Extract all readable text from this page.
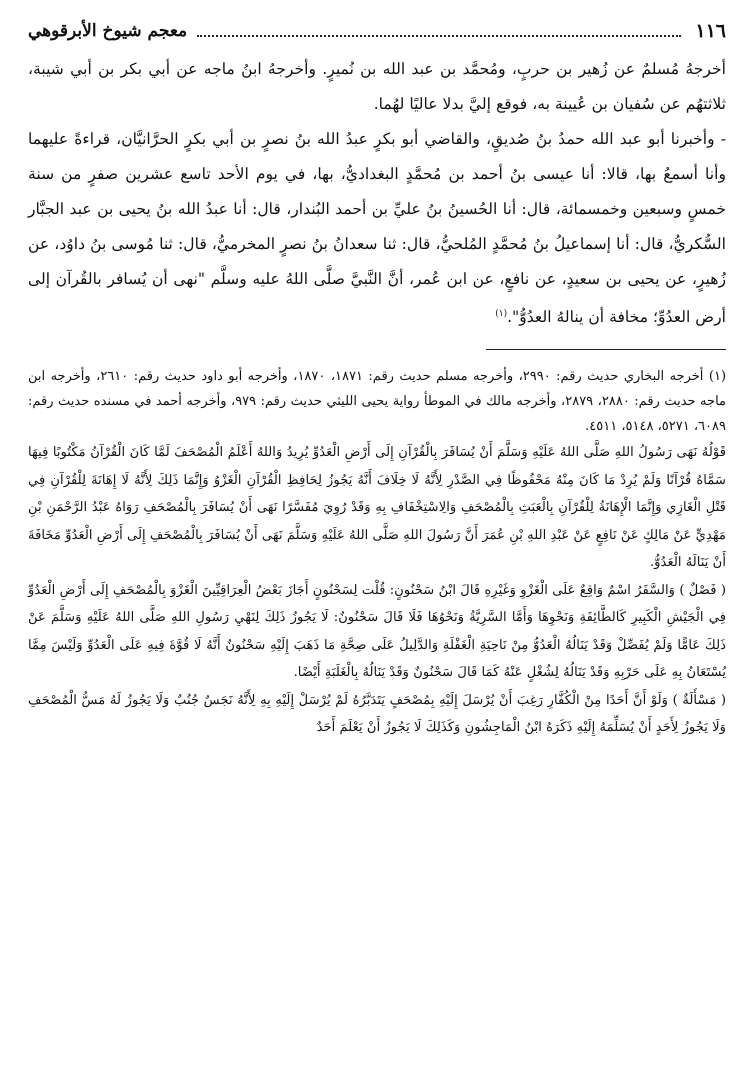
١١٦
معجم شيوخ الأبرقوهي

أخرجهُ مُسلمٌ عن زُهير بن حربٍ، ومُحمَّد بن عبد الله بن نُميرٍ. وأخرجهُ ابنُ ماجه عن أبي بكر بن أبي شيبة، ثلاثتهُم عن سُفيان بن عُيينة به، فوقع إليَّ بدلا عاليًا لهُما.

- وأخبرنا أبو عبد الله حمدُ بنُ صُديقٍ، والقاضي أبو بكرٍ عبدُ الله بنُ نصرٍ بن أبي بكرٍ الحرَّانيَّان، قراءةً عليهما وأنا أسمعُ بها، قالا: أنا عيسى بنُ أحمد بن مُحمَّدٍ البغداديُّ، بها، في يوم الأحد تاسع عشرين صفرٍ من سنة خمسٍ وسبعين وخمسمائة، قال: أنا الحُسينُ بنُ عليِّ بن أحمد البُندار، قال: أنا عبدُ الله بنُ يحيى بن عبد الجبَّار السُّكريُّ، قال: أنا إسماعيلُ بنُ مُحمَّدٍ المُلحيُّ، قال: ثنا سعدانُ بنُ نصرٍ المخرميُّ، قال: ثنا مُوسى بنُ داوُد، عن زُهيرٍ، عن يحيى بن سعيدٍ، عن نافعٍ، عن ابن عُمر، أنَّ النَّبيَّ صلَّى اللهُ عليه وسلَّم "نهى أن يُسافر بالقُرآن إلى أرض العدُوِّ؛ مخافة أن ينالهُ العدُوُّ".$^{(١)}$

(١) أخرجه البخاري حديث رقم: ٢٩٩٠، وأخرجه مسلم حديث رقم: ١٨٧١، ١٨٧٠، وأخرجه أبو داود حديث رقم: ٢٦١٠، وأخرجه ابن ماجه حديث رقم: ٢٨٨٠، ٢٨٧٩، وأخرجه مالك في الموطأ رواية يحيى الليثي حديث رقم: ٩٧٩، وأخرجه أحمد في مسنده حديث رقم: ٦٠٨٩، ٥٢٧١، ٥١٤٨، ٤٥١١.

قَوْلُهُ نَهَى رَسُولُ اللهِ صَلَّى اللهُ عَلَيْهِ وَسَلَّمَ أَنْ يُسَافَرَ بِالْقُرْآنِ إِلَى أَرْضِ الْعَدُوِّ يُرِيدُ وَاللهُ أَعْلَمُ الْمُصْحَفَ لَمَّا كَانَ الْقُرْآنُ مَكْتُوبًا فِيهَا سَمَّاهُ قُرْآنًا وَلَمْ يُرِدْ مَا كَانَ مِنْهُ مَحْفُوظًا فِي الصَّدْرِ لِأَنَّهُ لَا خِلَافَ أَنَّهُ يَجُوزُ لِحَافِظِ الْقُرْآنِ الْغَزْوُ وَإِنَّمَا ذَلِكَ لِأَنَّهُ لَا إِهَانَةَ لِلْقُرْآنِ فِي قَتْلِ الْغَازِي وَإِنَّمَا الْإِهَانَةُ لِلْقُرْآنِ بِالْعَبَثِ بِالْمُصْحَفِ وَالِاسْتِخْفَافِ بِهِ وَقَدْ رُوِيَ مُفَسَّرًا نَهَى أَنْ يُسَافَرَ بِالْمُصْحَفِ رَوَاهُ عَبْدُ الرَّحْمَنِ بْنِ مَهْدِيٍّ عَنْ مَالِكٍ عَنْ نَافِعٍ عَنْ عَبْدِ اللهِ بْنِ عُمَرَ أَنَّ رَسُولَ اللهِ صَلَّى اللهُ عَلَيْهِ وَسَلَّمَ نَهَى أَنْ يُسَافَرَ بِالْمُصْحَفِ إِلَى أَرْضِ الْعَدُوِّ مَخَافَةَ أَنْ يَنَالَهُ الْعَدُوُّ.

( فَصْلٌ ) وَالسَّفَرُ اسْمٌ وَاقِعٌ عَلَى الْغَزْوِ وَغَيْرِهِ قَالَ ابْنُ سَحْنُونٍ: قُلْت لِسَحْنُونٍ أَجَازَ بَعْضُ الْعِرَاقِيِّينَ الْغَزْوَ بِالْمُصْحَفِ إِلَى أَرْضِ الْعَدُوِّ فِي الْجَيْشِ الْكَبِيرِ كَالطَّائِفَةِ وَنَحْوِهَا وَأَمَّا السَّرِيَّةُ وَنَحْوُهَا فَلَا قَالَ سَحْنُونٌ: لَا يَجُوزُ ذَلِكَ لِنَهْيِ رَسُولِ اللهِ صَلَّى اللهُ عَلَيْهِ وَسَلَّمَ عَنْ ذَلِكَ عَامًّا وَلَمْ يُفَصِّلْ وَقَدْ يَنَالُهُ الْعَدُوُّ مِنْ نَاحِيَةِ الْغَفْلَةِ وَالدَّلِيلُ عَلَى صِحَّةِ مَا ذَهَبَ إِلَيْهِ سَحْنُونٌ أَنَّهُ لَا قُوَّةَ فِيهِ عَلَى الْعَدُوِّ وَلَيْسَ مِمَّا يُسْتَعَانُ بِهِ عَلَى حَرْبِهِ وَقَدْ يَنَالُهُ لِشُغْلٍ عَنْهُ كَمَا قَالَ سَحْنُونٌ وَقَدْ يَنَالُهُ بِالْغَلَبَةِ أَيْضًا.

( مَسْأَلَةٌ ) وَلَوْ أَنَّ أَحَدًا مِنْ الْكُفَّارِ رَغِبَ أَنْ يُرْسَلَ إِلَيْهِ بِمُصْحَفٍ يَتَدَبَّرُهُ لَمْ يُرْسَلْ إِلَيْهِ بِهِ لِأَنَّهُ نَجَسٌ جُنُبٌ وَلَا يَجُوزُ لَهُ مَسُّ الْمُصْحَفِ وَلَا يَجُوزُ لِأَحَدٍ أَنْ يُسَلِّمَهُ إِلَيْهِ ذَكَرَهُ ابْنُ الْمَاجِشُونِ وَكَذَلِكَ لَا يَجُوزُ أَنْ يَعْلَمَ أَحَدٌ
